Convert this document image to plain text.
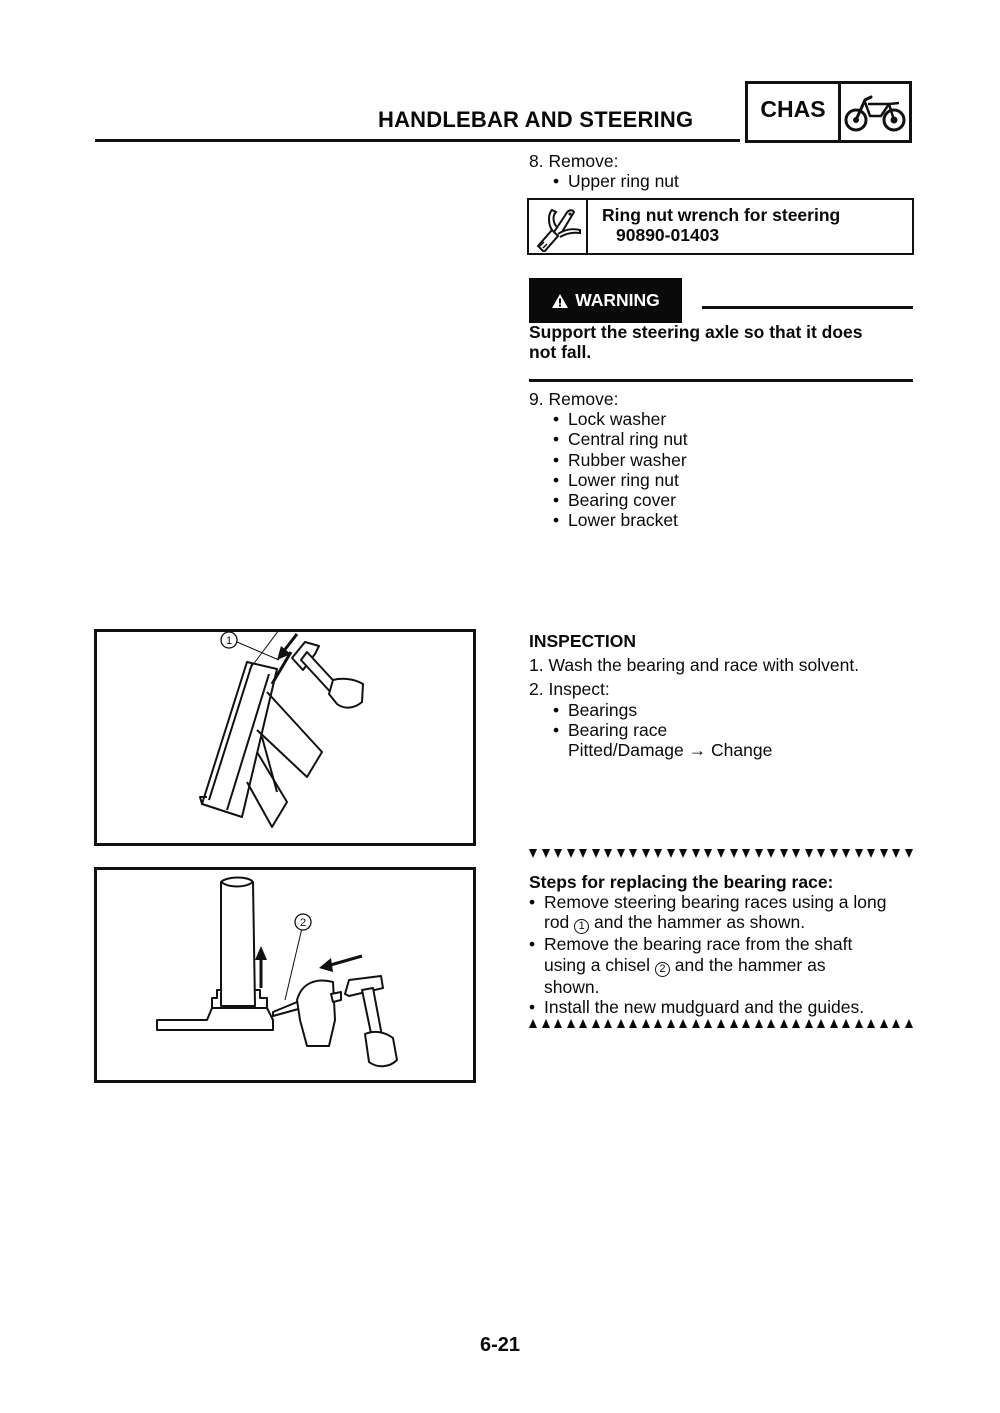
HANDLEBAR AND STEERING	CHAS
8. Remove:
• Upper ring nut
Ring nut wrench for steering
90890-01403
WARNING
Support the steering axle so that it does
not fall.
9. Remove:
• Lock washer
• Central ring nut
• Rubber washer
• Lower ring nut
• Bearing cover
• Lower bracket
INSPECTION
1. Wash the bearing and race with solvent.
2. Inspect:
• Bearings
• Bearing race
Pitted/Damage → Change
Steps for replacing the bearing race:
• Remove steering bearing races using a long
rod 1 and the hammer as shown.
• Remove the bearing race from the shaft
using a chisel 2 and the hammer as
shown.
• Install the new mudguard and the guides.
1
2
6-21
